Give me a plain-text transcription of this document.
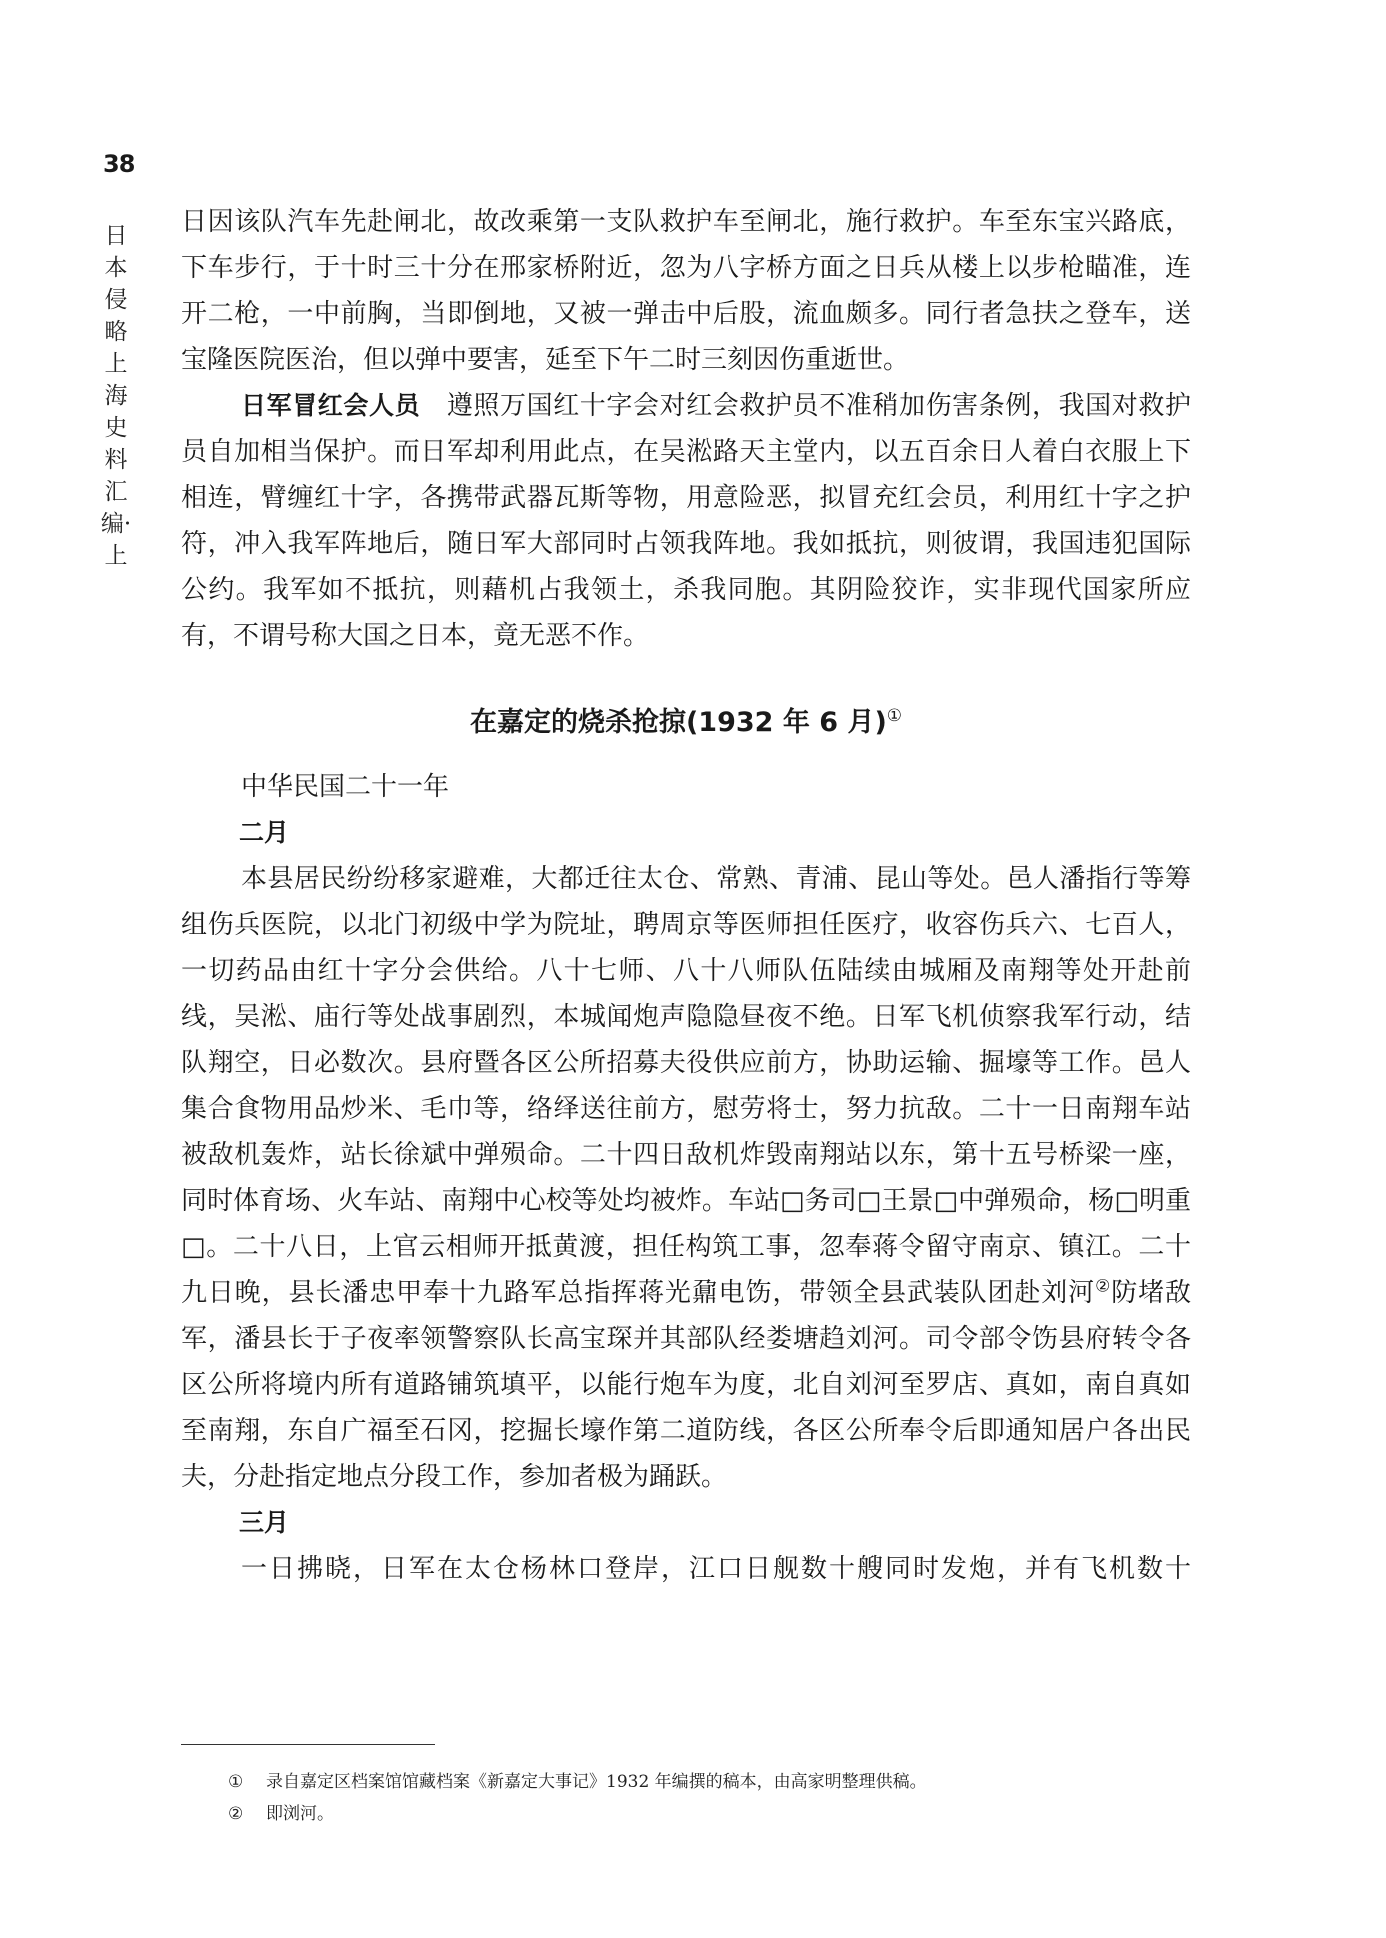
38
日本侵略上海史料汇编·上

日因该队汽车先赴闸北，故改乘第一支队救护车至闸北，施行救护。车至东宝兴路底，下车步行，于十时三十分在邢家桥附近，忽为八字桥方面之日兵从楼上以步枪瞄准，连开二枪，一中前胸，当即倒地，又被一弹击中后股，流血颇多。同行者急扶之登车，送宝隆医院医治，但以弹中要害，延至下午二时三刻因伤重逝世。

日军冒红会人员　 遵照万国红十字会对红会救护员不准稍加伤害条例，我国对救护员自加相当保护。而日军却利用此点，在吴淞路天主堂内，以五百余日人着白衣服上下相连，臂缠红十字，各携带武器瓦斯等物，用意险恶，拟冒充红会员，利用红十字之护符，冲入我军阵地后，随日军大部同时占领我阵地。我如抵抗，则彼谓，我国违犯国际公约。我军如不抵抗，则藉机占我领土，杀我同胞。其阴险狡诈，实非现代国家所应有，不谓号称大国之日本，竟无恶不作。

在嘉定的烧杀抢掠(1932 年 6 月)①

中华民国二十一年

二月

本县居民纷纷移家避难，大都迁往太仓、常熟、青浦、昆山等处。邑人潘指行等筹组伤兵医院，以北门初级中学为院址，聘周京等医师担任医疗，收容伤兵六、七百人，一切药品由红十字分会供给。八十七师、八十八师队伍陆续由城厢及南翔等处开赴前线，吴淞、庙行等处战事剧烈，本城闻炮声隐隐昼夜不绝。日军飞机侦察我军行动，结队翔空，日必数次。县府暨各区公所招募夫役供应前方，协助运输、掘壕等工作。邑人集合食物用品炒米、毛巾等，络绎送往前方，慰劳将士，努力抗敌。二十一日南翔车站被敌机轰炸，站长徐斌中弹殒命。二十四日敌机炸毁南翔站以东，第十五号桥梁一座，同时体育场、火车站、南翔中心校等处均被炸。车站□务司□王景□中弹殒命，杨□明重□。二十八日，上官云相师开抵黄渡，担任构筑工事，忽奉蒋令留守南京、镇江。二十九日晚，县长潘忠甲奉十九路军总指挥蒋光鼐电饬，带领全县武装队团赴刘河②防堵敌军，潘县长于子夜率领警察队长高宝琛并其部队经娄塘趋刘河。司令部令饬县府转令各区公所将境内所有道路铺筑填平，以能行炮车为度，北自刘河至罗店、真如，南自真如至南翔，东自广福至石冈，挖掘长壕作第二道防线，各区公所奉令后即通知居户各出民夫，分赴指定地点分段工作，参加者极为踊跃。

三月

一日拂晓，日军在太仓杨林口登岸，江口日舰数十艘同时发炮，并有飞机数十

①	录自嘉定区档案馆馆藏档案《新嘉定大事记》1932 年编撰的稿本，由高家明整理供稿。
②	即浏河。
